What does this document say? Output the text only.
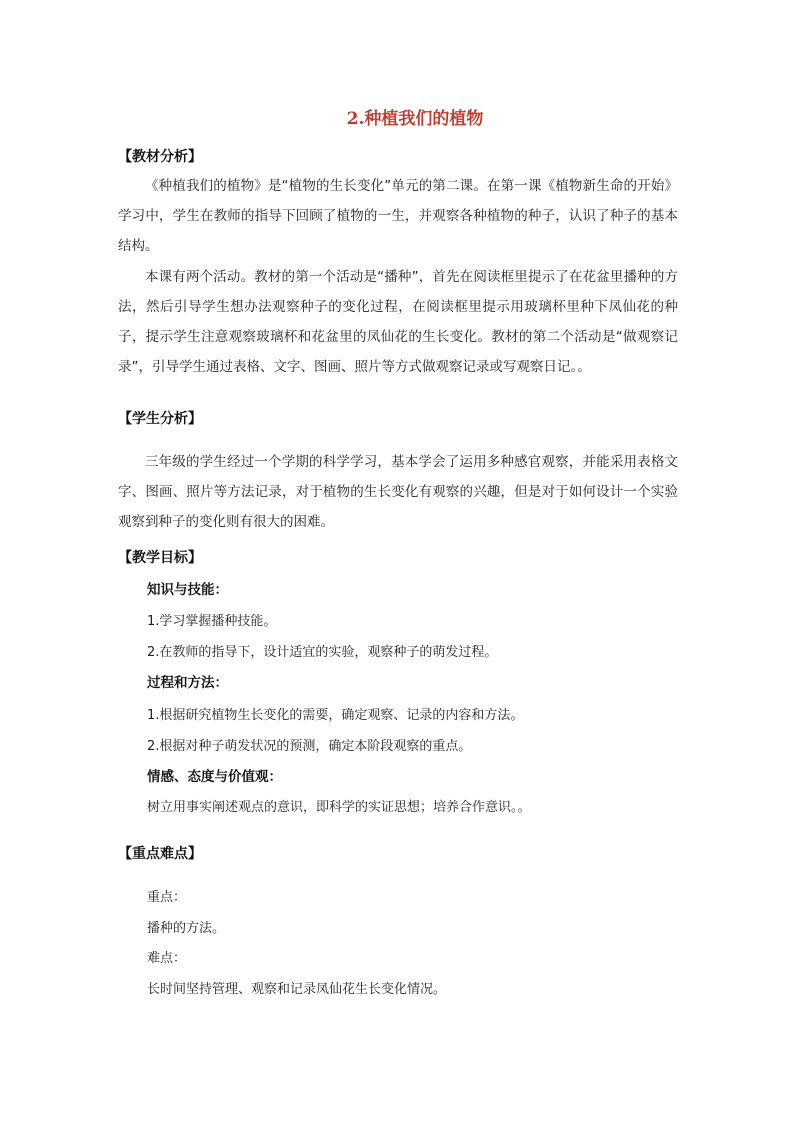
2.种植我们的植物
【教材分析】
《种植我们的植物》是“植物的生长变化”单元的第二课。在第一课《植物新生命的开始》学习中，学生在教师的指导下回顾了植物的一生，并观察各种植物的种子，认识了种子的基本结构。
本课有两个活动。教材的第一个活动是“播种”，首先在阅读框里提示了在花盆里播种的方法，然后引导学生想办法观察种子的变化过程，在阅读框里提示用玻璃杯里种下凤仙花的种子，提示学生注意观察玻璃杯和花盆里的凤仙花的生长变化。教材的第二个活动是“做观察记录”，引导学生通过表格、文字、图画、照片等方式做观察记录或写观察日记。。
【学生分析】
三年级的学生经过一个学期的科学学习，基本学会了运用多种感官观察，并能采用表格文字、图画、照片等方法记录，对于植物的生长变化有观察的兴趣，但是对于如何设计一个实验观察到种子的变化则有很大的困难。
【教学目标】
知识与技能：
1.学习掌握播种技能。
2.在教师的指导下，设计适宜的实验，观察种子的萌发过程。
过程和方法：
1.根据研究植物生长变化的需要，确定观察、记录的内容和方法。
2.根据对种子萌发状况的预测，确定本阶段观察的重点。
情感、态度与价值观：
树立用事实阐述观点的意识，即科学的实证思想；培养合作意识。。
【重点难点】
重点：
播种的方法。
难点：
长时间坚持管理、观察和记录凤仙花生长变化情况。
